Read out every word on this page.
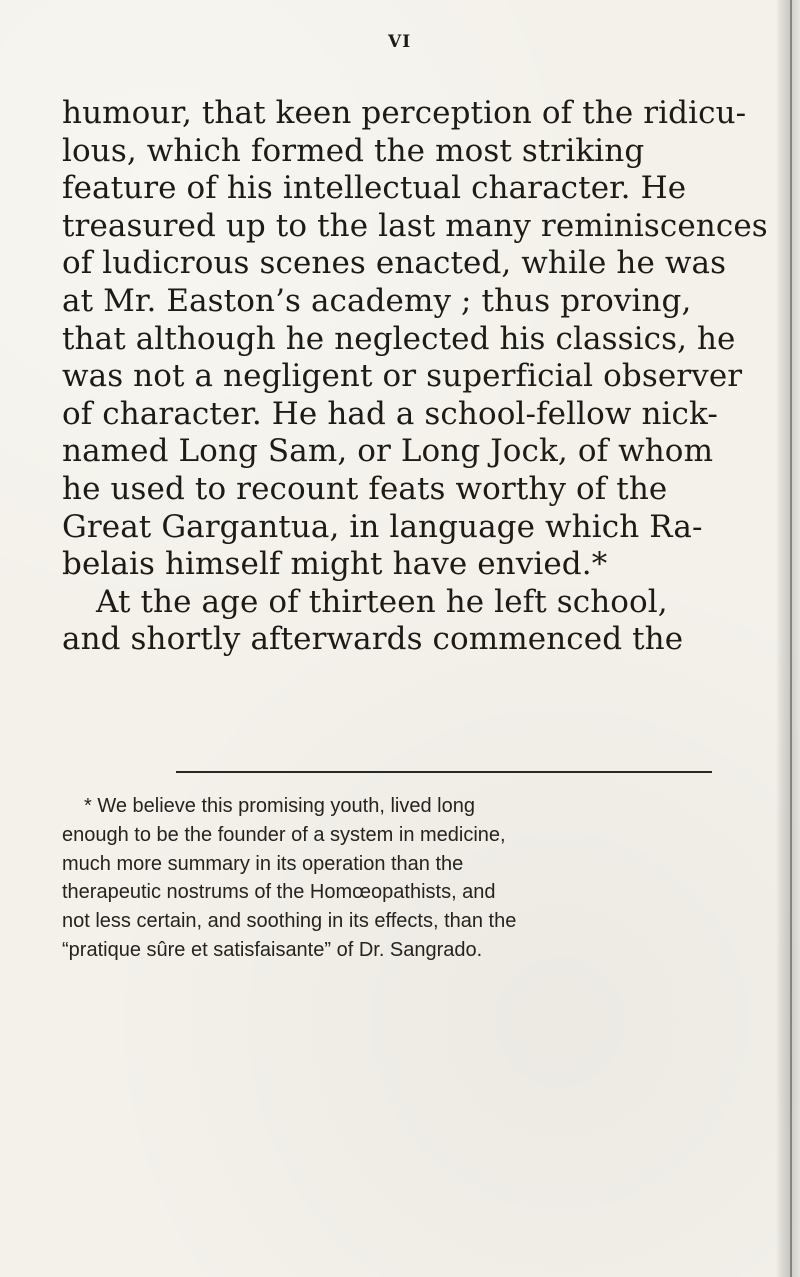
VI
humour, that keen perception of the ridicu-
lous, which formed the most striking
feature of his intellectual character. He
treasured up to the last many reminiscences
of ludicrous scenes enacted, while he was
at Mr. Easton’s academy ; thus proving,
that although he neglected his classics, he
was not a negligent or superficial observer
of character. He had a school-fellow nick-
named Long Sam, or Long Jock, of whom
he used to recount feats worthy of the
Great Gargantua, in language which Ra-
belais himself might have envied.*
At the age of thirteen he left school,
and shortly afterwards commenced the
* We believe this promising youth, lived long
enough to be the founder of a system in medicine,
much more summary in its operation than the
therapeutic nostrums of the Homœopathists, and
not less certain, and soothing in its effects, than the
“pratique sûre et satisfaisante” of Dr. Sangrado.
